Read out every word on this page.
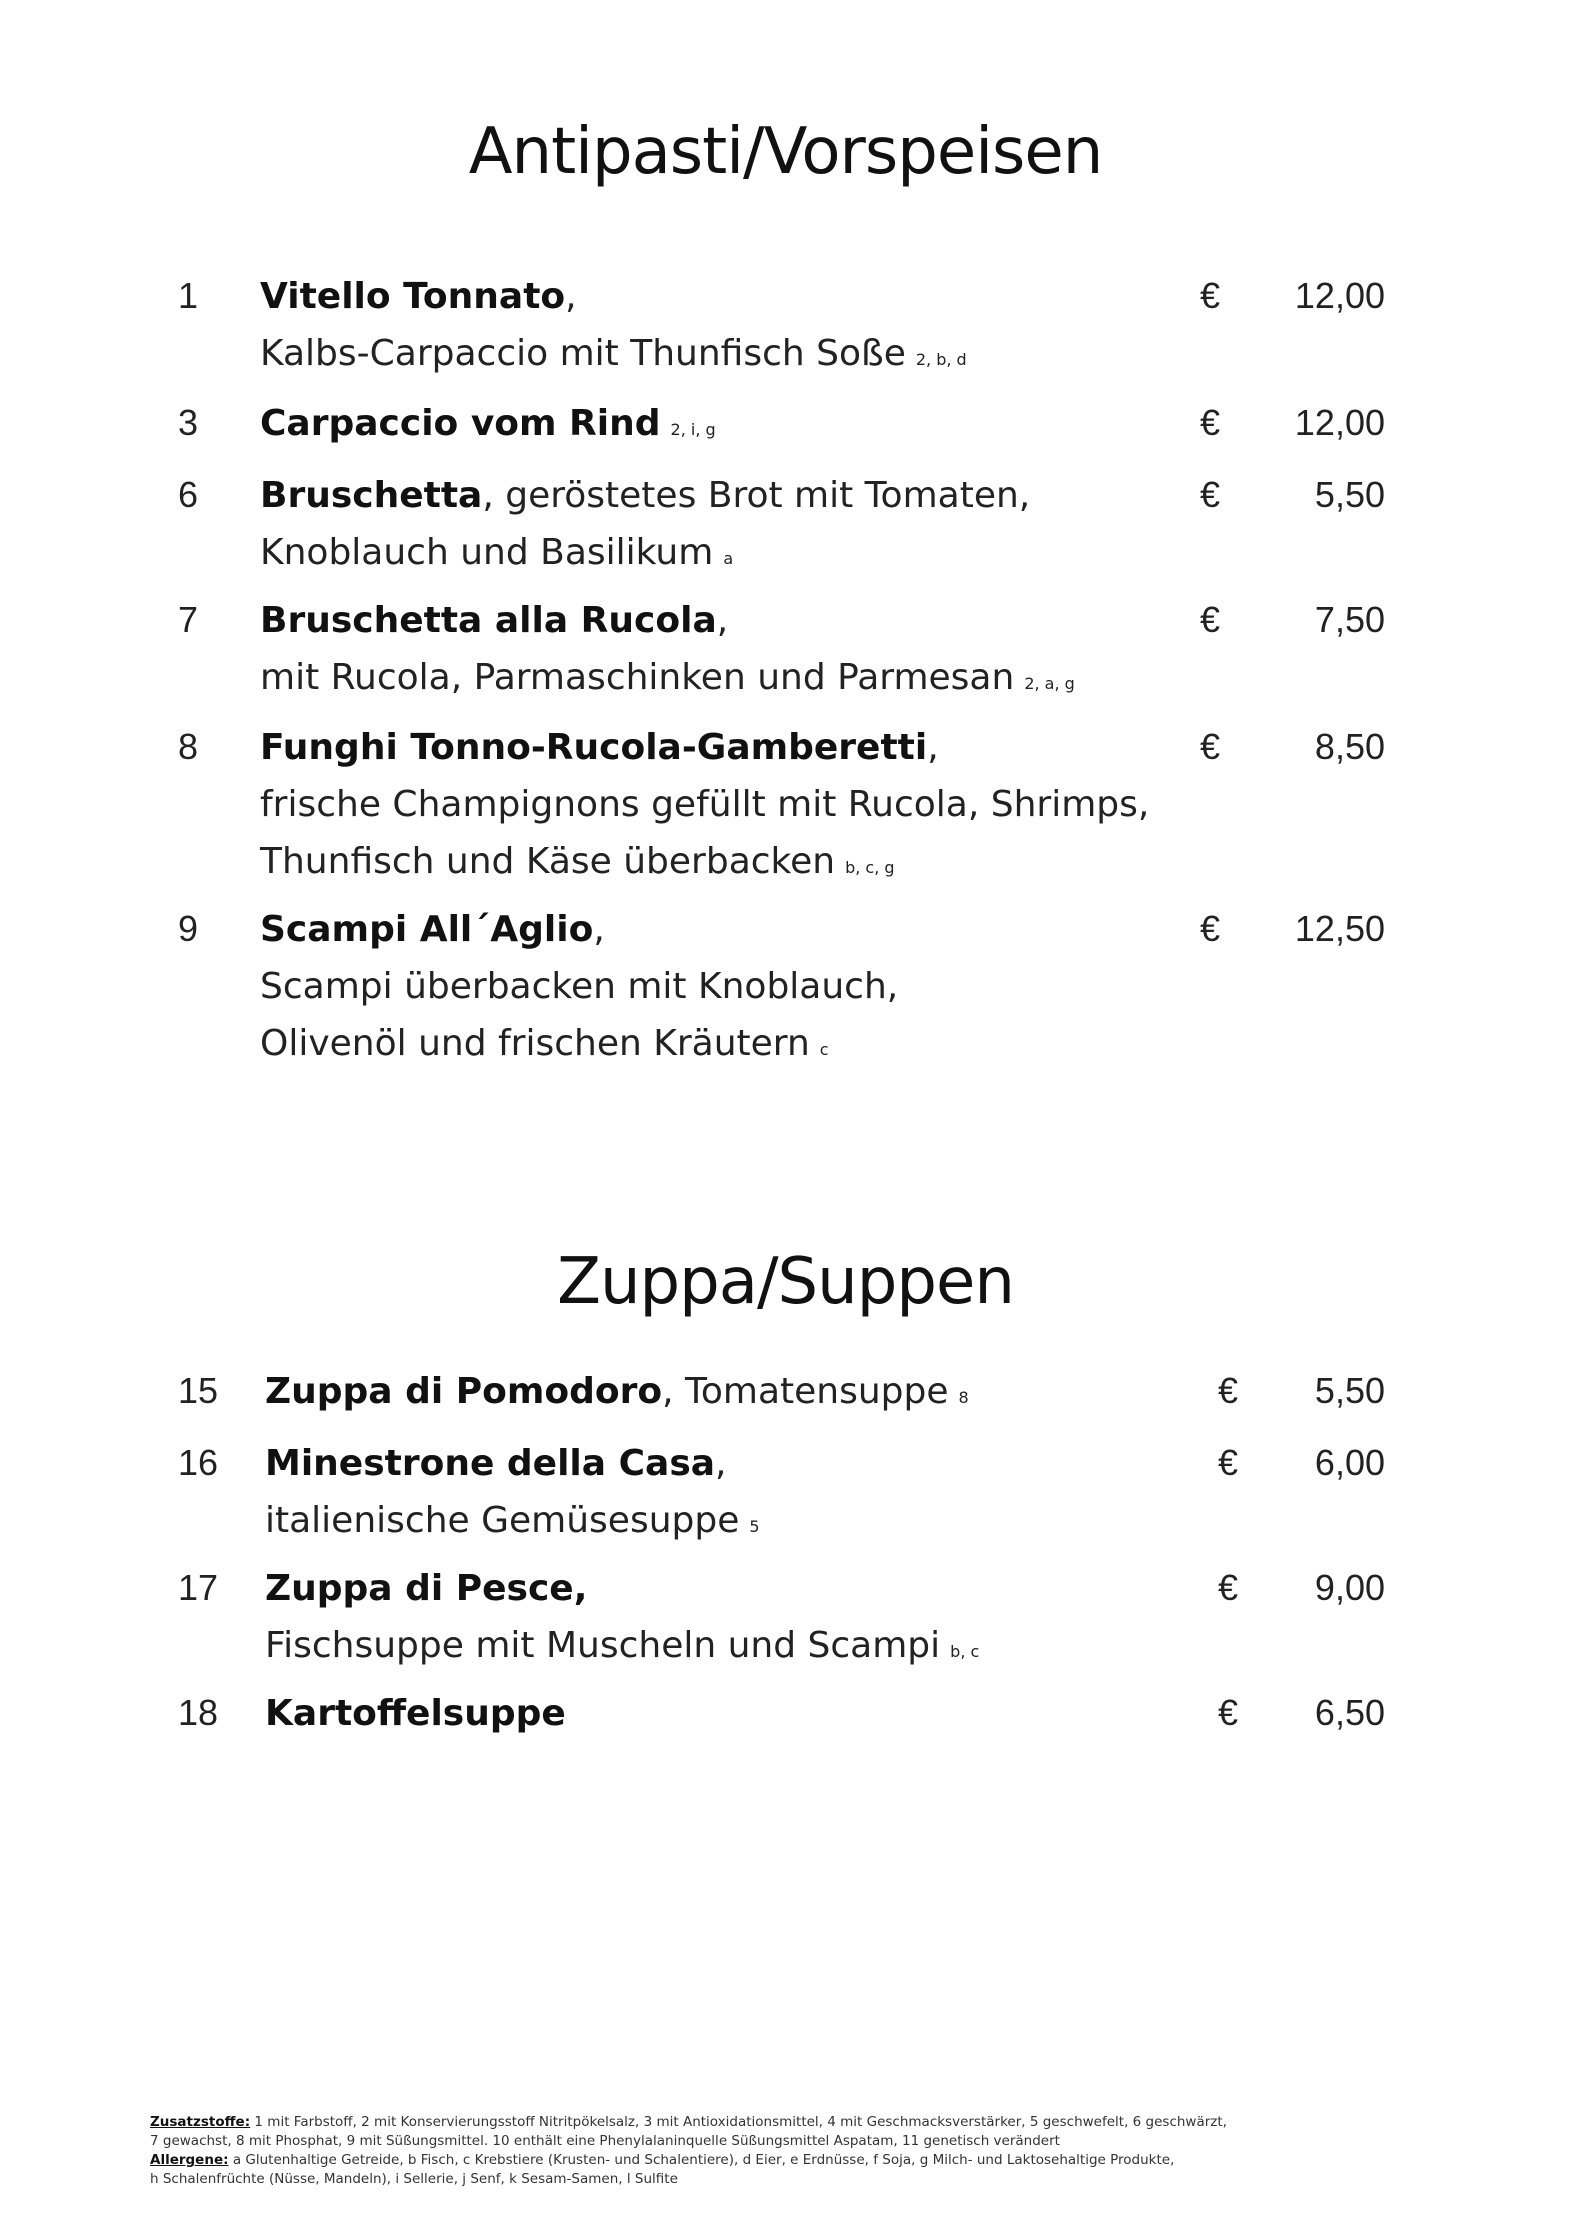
Antipasti/Vorspeisen
1	Vitello Tonnato,
Kalbs-Carpaccio mit Thunfisch Soße 2, b, d
€	12,00
3	Carpaccio vom Rind 2, i, g	€	12,00
6	Bruschetta, geröstetes Brot mit Tomaten,
Knoblauch und Basilikum a
€	5,50
7	Bruschetta alla Rucola,
mit Rucola, Parmaschinken und Parmesan 2, a, g
€	7,50
8	Funghi Tonno-Rucola-Gamberetti,
frische Champignons gefüllt mit Rucola, Shrimps,
Thunfisch und Käse überbacken b, c, g
€	8,50
9	Scampi All´Aglio,
Scampi überbacken mit Knoblauch,
Olivenöl und frischen Kräutern c
€	12,50
Zuppa/Suppen
15	Zuppa di Pomodoro, Tomatensuppe 8	€	5,50
16	Minestrone della Casa,
italienische Gemüsesuppe 5
€	6,00
17	Zuppa di Pesce,
Fischsuppe mit Muscheln und Scampi b, c
€	9,00
18	Kartoffelsuppe	€	6,50
Zusatzstoffe: 1 mit Farbstoff, 2 mit Konservierungsstoff Nitritpökelsalz, 3 mit Antioxidationsmittel, 4 mit Geschmacksverstärker, 5 geschwefelt, 6 geschwärzt,
7 gewachst, 8 mit Phosphat, 9 mit Süßungsmittel. 10 enthält eine Phenylalaninquelle Süßungsmittel Aspatam, 11 genetisch verändert
Allergene: a Glutenhaltige Getreide, b Fisch, c Krebstiere (Krusten- und Schalentiere), d Eier, e Erdnüsse, f Soja, g Milch- und Laktosehaltige Produkte,
h Schalenfrüchte (Nüsse, Mandeln), i Sellerie, j Senf, k Sesam-Samen, l Sulfite
